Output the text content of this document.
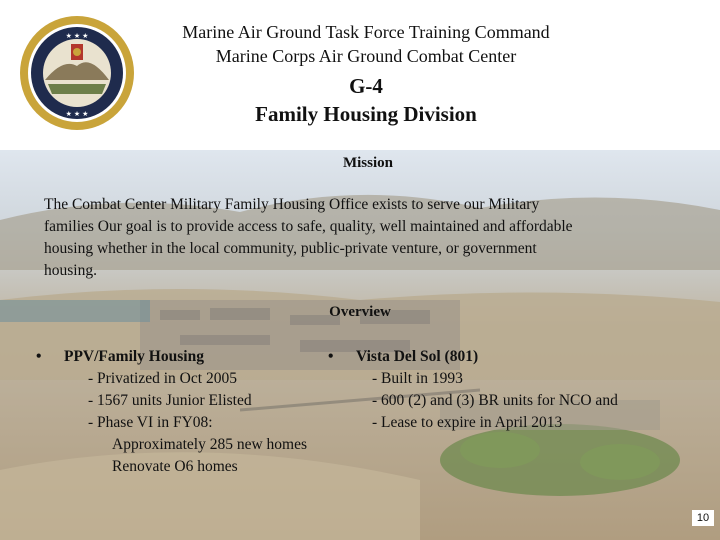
★ ★ ★
★ ★ ★
Marine Air Ground Task Force Training Command
Marine Corps Air Ground Combat Center
G-4
Family Housing Division
Mission
The Combat Center Military Family Housing Office exists to serve our Military
families Our goal is to provide access to safe, quality, well maintained and affordable
housing whether in the local community, public-private venture, or government
housing.
Overview
• PPV/Family Housing
- Privatized in Oct 2005
- 1567 units Junior Elisted
- Phase VI in FY08:
Approximately 285 new homes
Renovate O6 homes
• Vista Del Sol (801)
- Built in 1993
- 600 (2) and (3) BR units for NCO and
- Lease to expire in April 2013
10
